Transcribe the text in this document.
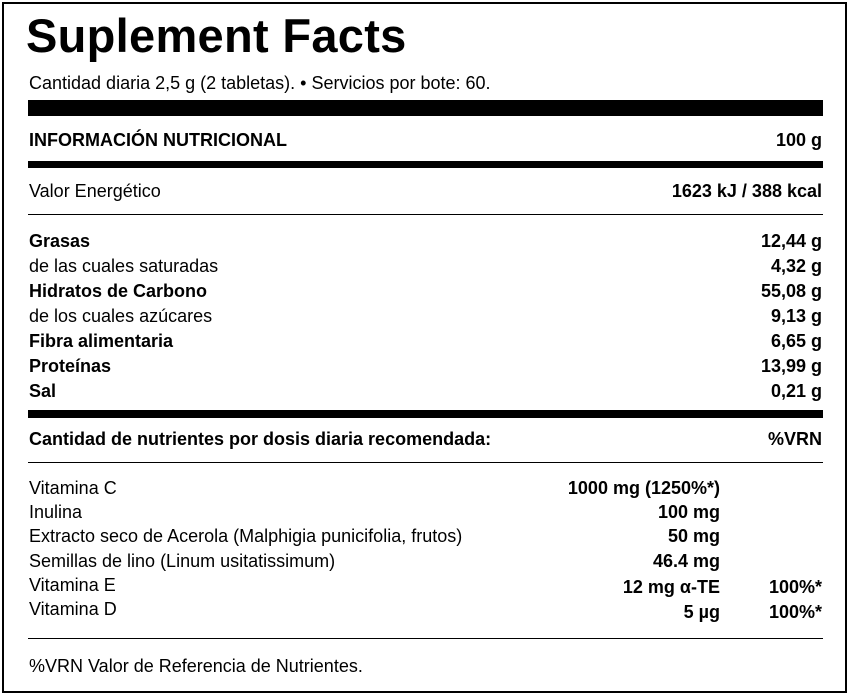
Suplement Facts
Cantidad diaria 2,5 g (2 tabletas). • Servicios por bote: 60.
INFORMACIÓN NUTRICIONAL	100 g
Valor Energético	1623 kJ / 388 kcal
Grasas	12,44 g
de las cuales saturadas	4,32 g
Hidratos de Carbono	55,08 g
de los cuales azúcares	9,13 g
Fibra alimentaria	6,65 g
Proteínas	13,99 g
Sal	0,21 g
Cantidad de nutrientes por dosis diaria recomendada:	%VRN
Vitamina C	1000 mg (1250%*)
Inulina	100 mg
Extracto seco de Acerola (Malphigia punicifolia, frutos)	50 mg
Semillas de lino (Linum usitatissimum)	46.4 mg
Vitamina E	12 mg α-TE	100%*
Vitamina D	5 µg	100%*
%VRN Valor de Referencia de Nutrientes.
